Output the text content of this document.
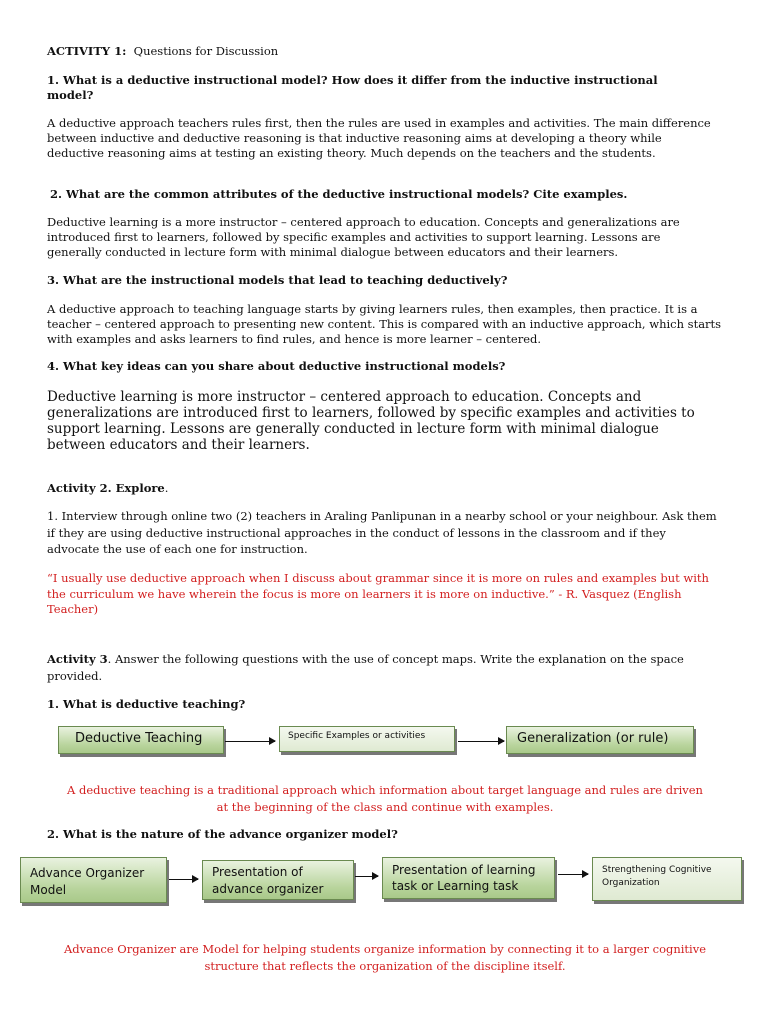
ACTIVITY 1: Questions for Discussion
1. What is a deductive instructional model? How does it differ from the inductive instructional model?
A deductive approach teachers rules first, then the rules are used in examples and activities. The main difference between inductive and deductive reasoning is that inductive reasoning aims at developing a theory while deductive reasoning aims at testing an existing theory. Much depends on the teachers and the students.
2. What are the common attributes of the deductive instructional models? Cite examples.
Deductive learning is a more instructor – centered approach to education. Concepts and generalizations are introduced first to learners, followed by specific examples and activities to support learning. Lessons are generally conducted in lecture form with minimal dialogue between educators and their learners.
3. What are the instructional models that lead to teaching deductively?
A deductive approach to teaching language starts by giving learners rules, then examples, then practice. It is a teacher – centered approach to presenting new content. This is compared with an inductive approach, which starts with examples and asks learners to find rules, and hence is more learner – centered.
4. What key ideas can you share about deductive instructional models?
Deductive learning is more instructor – centered approach to education. Concepts and generalizations are introduced first to learners, followed by specific examples and activities to support learning. Lessons are generally conducted in lecture form with minimal dialogue between educators and their learners.
Activity 2. Explore.
1. Interview through online two (2) teachers in Araling Panlipunan in a nearby school or your neighbour. Ask them if they are using deductive instructional approaches in the conduct of lessons in the classroom and if they advocate the use of each one for instruction.
“I usually use deductive approach when I discuss about grammar since it is more on rules and examples but with the curriculum we have wherein the focus is more on learners it is more on inductive.” - R. Vasquez (English Teacher)
Activity 3. Answer the following questions with the use of concept maps. Write the explanation on the space provided.
1. What is deductive teaching?
Deductive Teaching	Specific Examples or activities	Generalization (or rule)
A deductive teaching is a traditional approach which information about target language and rules are driven at the beginning of the class and continue with examples.
2. What is the nature of the advance organizer model?
Advance Organizer Model
Presentation of advance organizer
Presentation of learning task or Learning task
Strengthening Cognitive Organization
Advance Organizer are Model for helping students organize information by connecting it to a larger cognitive structure that reflects the organization of the discipline itself.
